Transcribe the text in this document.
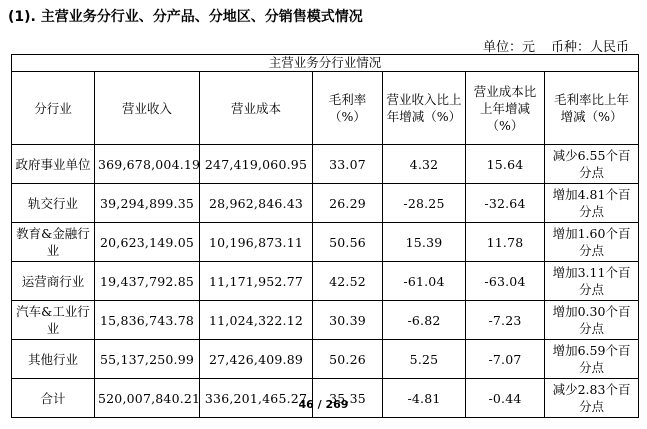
(1). 主营业务分行业、分产品、分地区、分销售模式情况
单位：元 币种：人民币
主营业务分行业情况						
分行业	营业收入	营业成本	毛利率（%）	营业收入比上年增减（%）	营业成本比上年增减（%）	毛利率比上年增减（%）
政府事业单位	369,678,004.19	247,419,060.95	33.07	4.32	15.64	减少6.55个百分点
轨交行业	39,294,899.35	28,962,846.43	26.29	-28.25	-32.64	增加4.81个百分点
教育&金融行业	20,623,149.05	10,196,873.11	50.56	15.39	11.78	增加1.60个百分点
运营商行业	19,437,792.85	11,171,952.77	42.52	-61.04	-63.04	增加3.11个百分点
汽车&工业行业	15,836,743.78	11,024,322.12	30.39	-6.82	-7.23	增加0.30个百分点
其他行业	55,137,250.99	27,426,409.89	50.26	5.25	-7.07	增加6.59个百分点
合计	520,007,840.21	336,201,465.27	35.35	-4.81	-0.44	减少2.83个百分点
46 / 269
